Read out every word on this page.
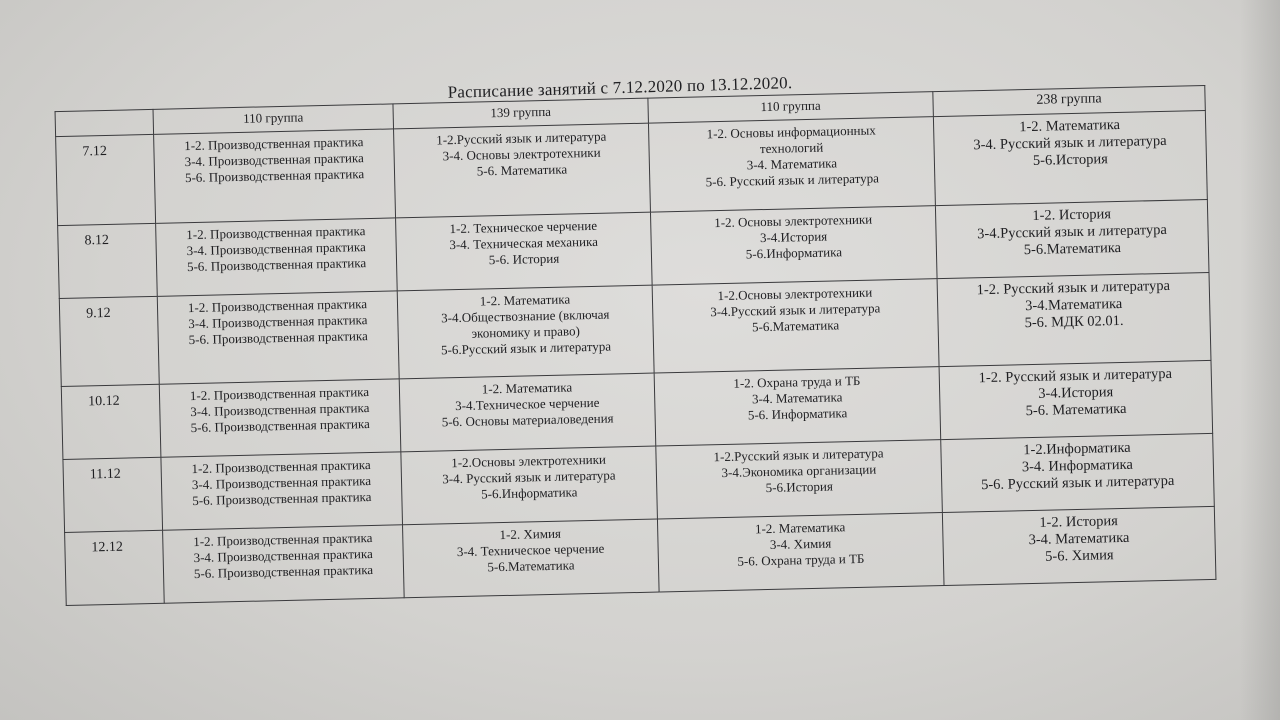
Расписание занятий с 7.12.2020 по 13.12.2020.
	110 группа	139 группа	110 группа	238 группа
7.12	1-2. Производственная практика
3-4. Производственная практика
5-6. Производственная практика	1-2.Русский язык и литература
3-4. Основы электротехники
5-6. Математика	1-2. Основы информационных
технологий
3-4. Математика
5-6. Русский язык и литература	1-2. Математика
3-4. Русский язык и литература
5-6.История

8.12	1-2. Производственная практика
3-4. Производственная практика
5-6. Производственная практика	1-2. Техническое черчение
3-4. Техническая механика
5-6. История	1-2. Основы электротехники
3-4.История
5-6.Информатика	1-2. История
3-4.Русский язык и литература
5-6.Математика

9.12	1-2. Производственная практика
3-4. Производственная практика
5-6. Производственная практика	1-2. Математика
3-4.Обществознание (включая
экономику и право)
5-6.Русский язык и литература	1-2.Основы электротехники
3-4.Русский язык и литература
5-6.Математика	1-2. Русский язык и литература
3-4.Математика
5-6. МДК 02.01.

10.12	1-2. Производственная практика
3-4. Производственная практика
5-6. Производственная практика	1-2. Математика
3-4.Техническое черчение
5-6. Основы материаловедения	1-2. Охрана труда и ТБ
3-4. Математика
5-6. Информатика	1-2. Русский язык и литература
3-4.История
5-6. Математика

11.12	1-2. Производственная практика
3-4. Производственная практика
5-6. Производственная практика	1-2.Основы электротехники
3-4. Русский язык и литература
5-6.Информатика	1-2.Русский язык и литература
3-4.Экономика организации
5-6.История	1-2.Информатика
3-4. Информатика
5-6. Русский язык и литература

12.12	1-2. Производственная практика
3-4. Производственная практика
5-6. Производственная практика	1-2. Химия
3-4. Техническое черчение
5-6.Математика	1-2. Математика
3-4. Химия
5-6. Охрана труда и ТБ	1-2. История
3-4. Математика
5-6. Химия
